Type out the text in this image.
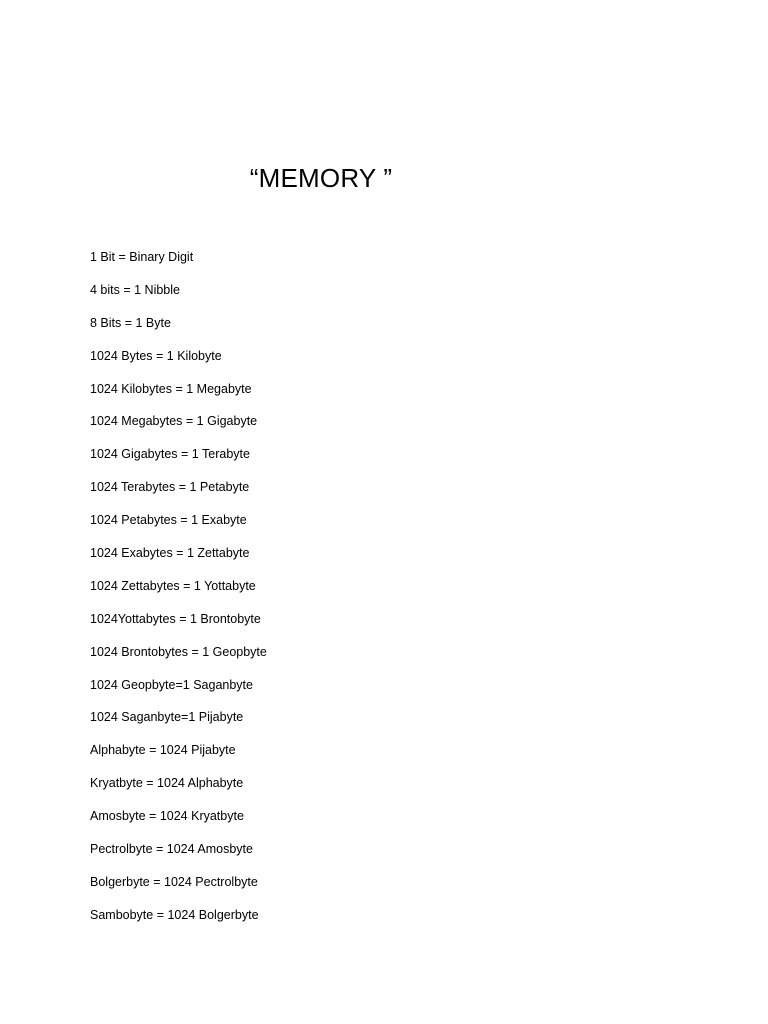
“MEMORY ”
1 Bit = Binary Digit
4 bits = 1 Nibble
8 Bits = 1 Byte
1024 Bytes = 1 Kilobyte
1024 Kilobytes = 1 Megabyte
1024 Megabytes = 1 Gigabyte
1024 Gigabytes = 1 Terabyte
1024 Terabytes = 1 Petabyte
1024 Petabytes = 1 Exabyte
1024 Exabytes = 1 Zettabyte
1024 Zettabytes = 1 Yottabyte
1024Yottabytes = 1 Brontobyte
1024 Brontobytes = 1 Geopbyte
1024 Geopbyte=1 Saganbyte
1024 Saganbyte=1 Pijabyte
Alphabyte = 1024 Pijabyte
Kryatbyte = 1024 Alphabyte
Amosbyte = 1024 Kryatbyte
Pectrolbyte = 1024 Amosbyte
Bolgerbyte = 1024 Pectrolbyte
Sambobyte = 1024 Bolgerbyte
